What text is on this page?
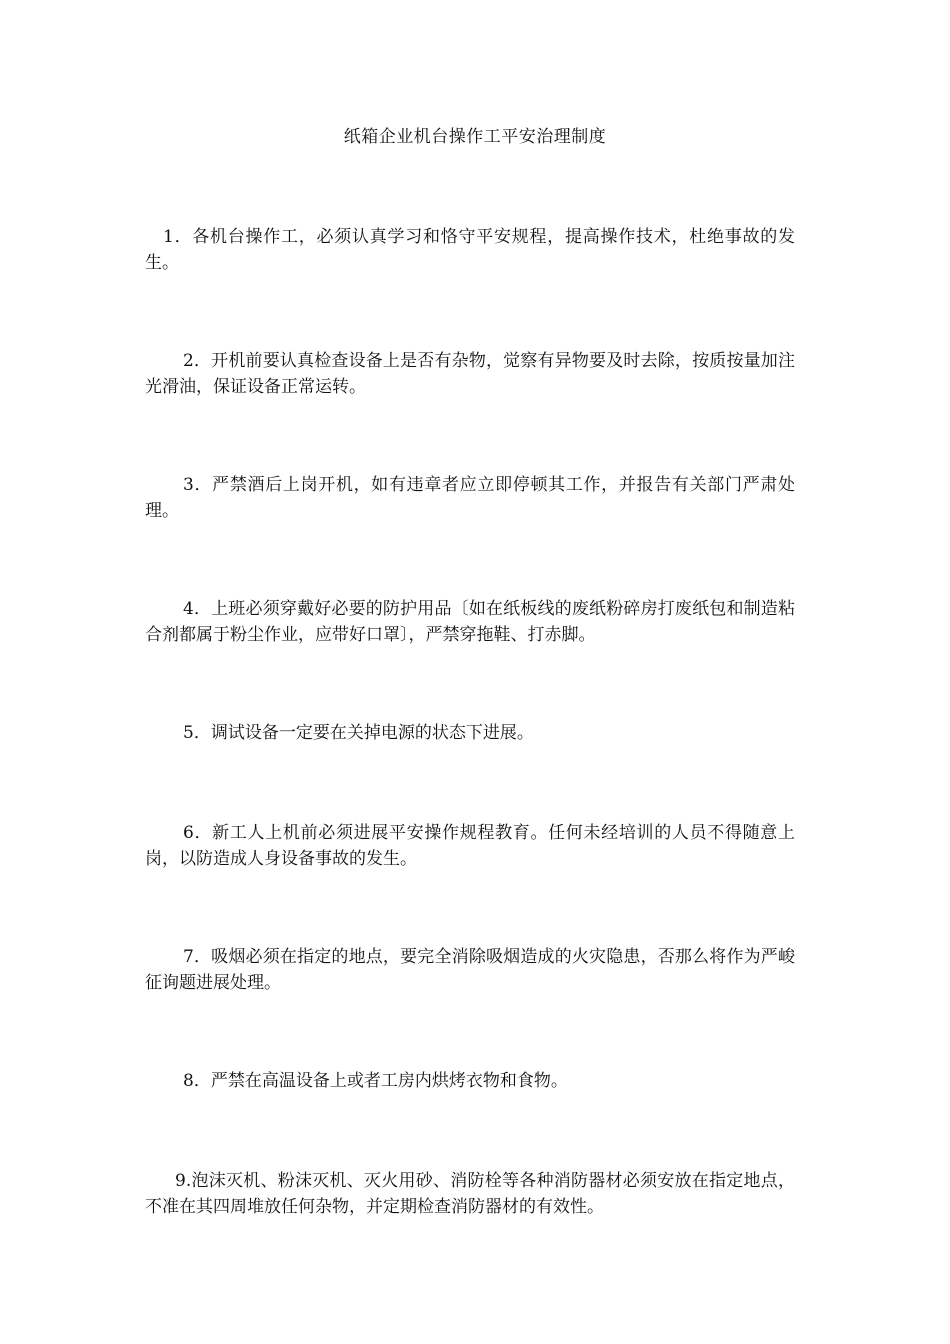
纸箱企业机台操作工平安治理制度

1．各机台操作工，必须认真学习和恪守平安规程，提高操作技术，杜绝事故的发生。

2．开机前要认真检查设备上是否有杂物，觉察有异物要及时去除，按质按量加注光滑油，保证设备正常运转。

3．严禁酒后上岗开机，如有违章者应立即停顿其工作，并报告有关部门严肃处理。

4．上班必须穿戴好必要的防护用品〔如在纸板线的废纸粉碎房打废纸包和制造粘合剂都属于粉尘作业，应带好口罩〕，严禁穿拖鞋、打赤脚。

5．调试设备一定要在关掉电源的状态下进展。

6．新工人上机前必须进展平安操作规程教育。任何未经培训的人员不得随意上岗，以防造成人身设备事故的发生。

7．吸烟必须在指定的地点，要完全消除吸烟造成的火灾隐患，否那么将作为严峻征询题进展处理。

8．严禁在高温设备上或者工房内烘烤衣物和食物。

9.泡沫灭机、粉沫灭机、灭火用砂、消防栓等各种消防器材必须安放在指定地点，不准在其四周堆放任何杂物，并定期检查消防器材的有效性。
